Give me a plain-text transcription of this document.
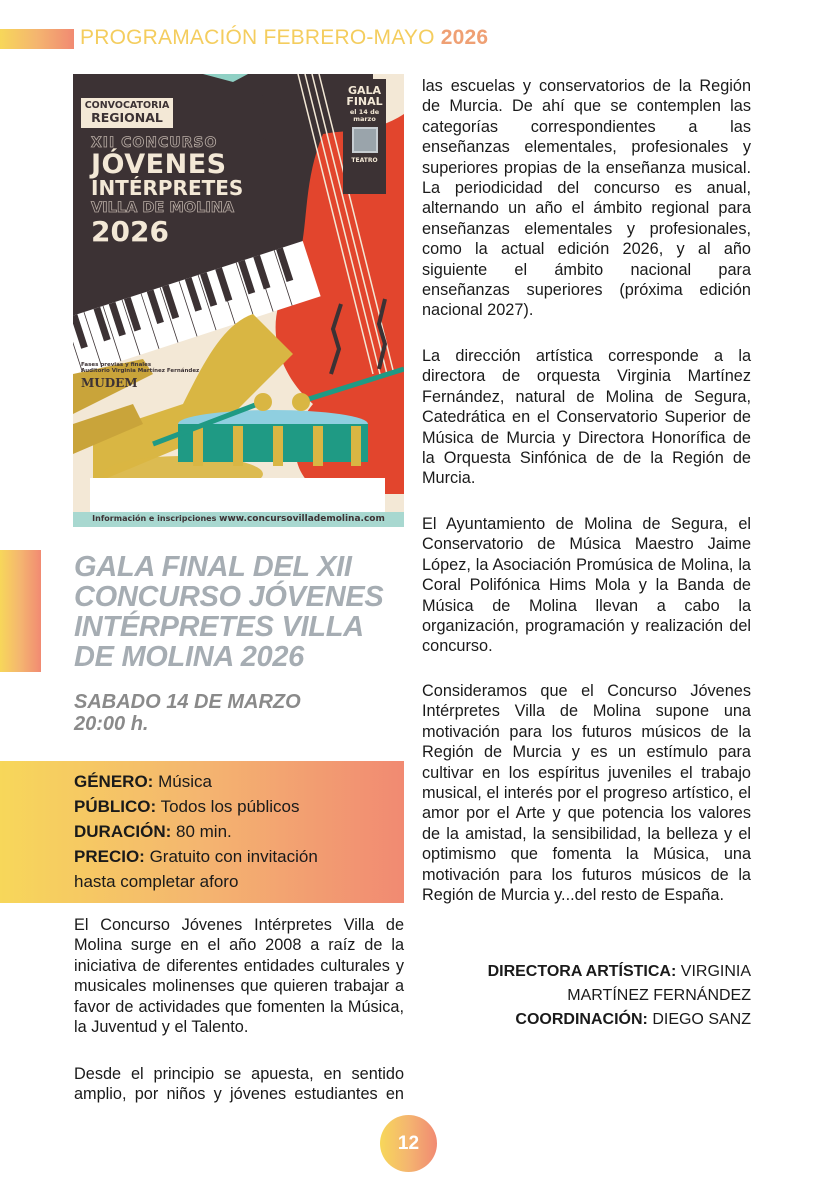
PROGRAMACIÓN FEBRERO-MAYO 2026
CONVOCATORIA
REGIONAL
XII CONCURSO
JÓVENES
INTÉRPRETES
VILLA DE MOLINA
2026
GALA FINAL
el 14 de marzo
TEATRO
Fases previas y finales
Auditorio Virginia Martínez Fernández
MUDEM
Información e inscripciones www.concursovillademolina.com
GALA FINAL DEL XII CONCURSO JÓVENES INTÉRPRETES VILLA DE MOLINA 2026
SABADO 14 DE MARZO
20:00 h.
GÉNERO: Música
PÚBLICO: Todos los públicos
DURACIÓN: 80 min.
PRECIO: Gratuito con invitación hasta completar aforo
El Concurso Jóvenes Intérpretes Villa de Molina surge en el año 2008 a raíz de la iniciativa de diferentes entidades culturales y musicales molinenses que quieren trabajar a favor de actividades que fomenten la Música, la Juventud y el Talento.
Desde el principio se apuesta, en sentido amplio, por niños y jóvenes estudiantes en
las escuelas y conservatorios de la Región de Murcia. De ahí que se contemplen las categorías correspondientes a las enseñanzas elementales, profesionales y superiores propias de la enseñanza musical. La periodicidad del concurso es anual, alternando un año el ámbito regional para enseñanzas elementales y profesionales, como la actual edición 2026, y al año siguiente el ámbito nacional para enseñanzas superiores (próxima edición nacional 2027).
La dirección artística corresponde a la directora de orquesta Virginia Martínez Fernández, natural de Molina de Segura, Catedrática en el Conservatorio Superior de Música de Murcia y Directora Honorífica de la Orquesta Sinfónica de de la Región de Murcia.
El Ayuntamiento de Molina de Segura, el Conservatorio de Música Maestro Jaime López, la Asociación Promúsica de Molina, la Coral Polifónica Hims Mola y la Banda de Música de Molina llevan a cabo la organización, programación y realización del concurso.
Consideramos que el Concurso Jóvenes Intérpretes Villa de Molina supone una motivación para los futuros músicos de la Región de Murcia y es un estímulo para cultivar en los espíritus juveniles el trabajo musical, el interés por el progreso artístico, el amor por el Arte y que potencia los valores de la amistad, la sensibilidad, la belleza y el optimismo que fomenta la Música, una motivación para los futuros músicos de la Región de Murcia y...del resto de España.
DIRECTORA ARTÍSTICA: VIRGINIA
MARTÍNEZ FERNÁNDEZ
COORDINACIÓN: DIEGO SANZ
12
